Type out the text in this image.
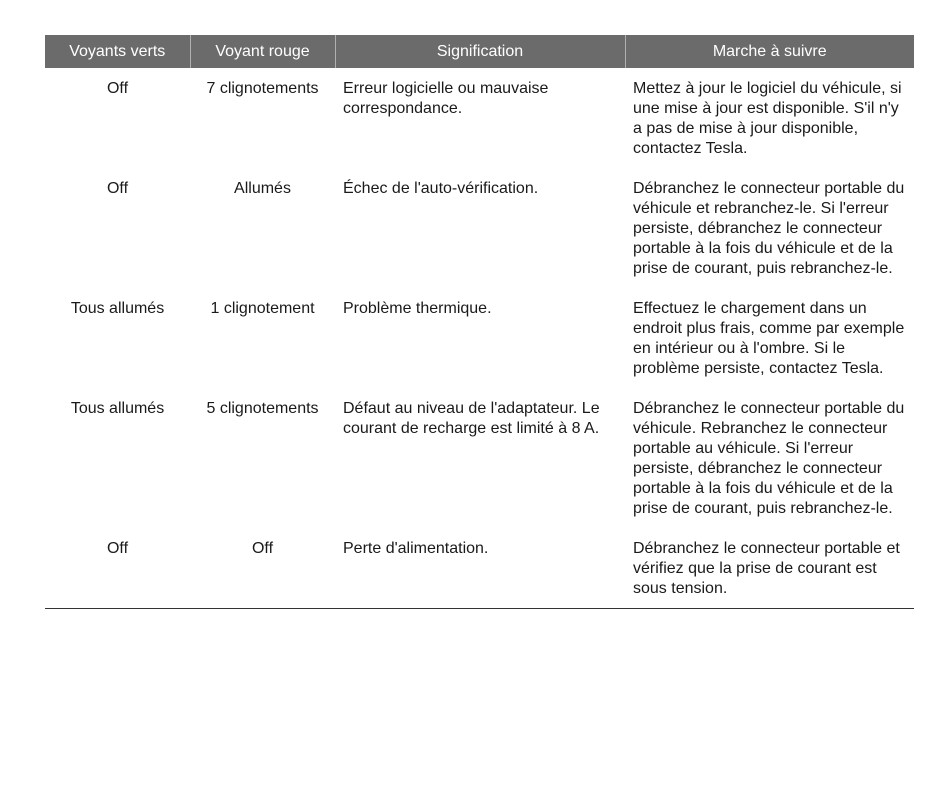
Voyants verts	Voyant rouge	Signification	Marche à suivre
Off	7 clignotements	Erreur logicielle ou mauvaise correspondance.	Mettez à jour le logiciel du véhicule, si une mise à jour est disponible. S'il n'y a pas de mise à jour disponible, contactez Tesla.
Off	Allumés	Échec de l'auto-vérification.	Débranchez le connecteur portable du véhicule et rebranchez-le. Si l'erreur persiste, débranchez le connecteur portable à la fois du véhicule et de la prise de courant, puis rebranchez-le.
Tous allumés	1 clignotement	Problème thermique.	Effectuez le chargement dans un endroit plus frais, comme par exemple en intérieur ou à l'ombre. Si le problème persiste, contactez Tesla.
Tous allumés	5 clignotements	Défaut au niveau de l'adaptateur. Le courant de recharge est limité à 8 A.	Débranchez le connecteur portable du véhicule. Rebranchez le connecteur portable au véhicule. Si l'erreur persiste, débranchez le connecteur portable à la fois du véhicule et de la prise de courant, puis rebranchez-le.
Off	Off	Perte d'alimentation.	Débranchez le connecteur portable et vérifiez que la prise de courant est sous tension.
